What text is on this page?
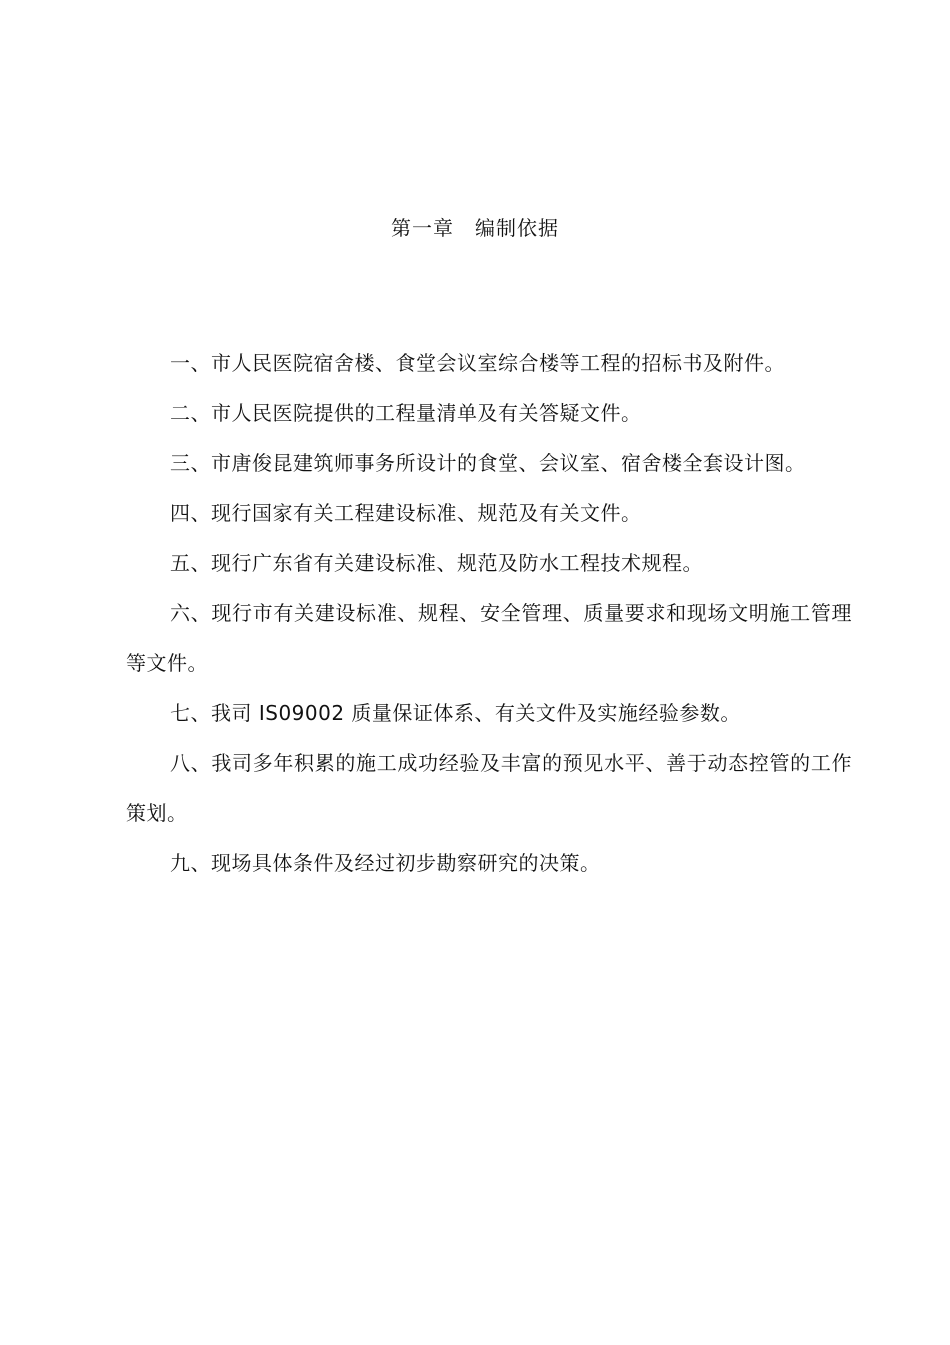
第一章　编制依据

一、市人民医院宿舍楼、食堂会议室综合楼等工程的招标书及附件。

二、市人民医院提供的工程量清单及有关答疑文件。

三、市唐俊昆建筑师事务所设计的食堂、会议室、宿舍楼全套设计图。

四、现行国家有关工程建设标准、规范及有关文件。

五、现行广东省有关建设标准、规范及防水工程技术规程。

六、现行市有关建设标准、规程、安全管理、质量要求和现场文明施工管理等文件。

七、我司 IS09002 质量保证体系、有关文件及实施经验参数。

八、我司多年积累的施工成功经验及丰富的预见水平、善于动态控管的工作策划。

九、现场具体条件及经过初步勘察研究的决策。
